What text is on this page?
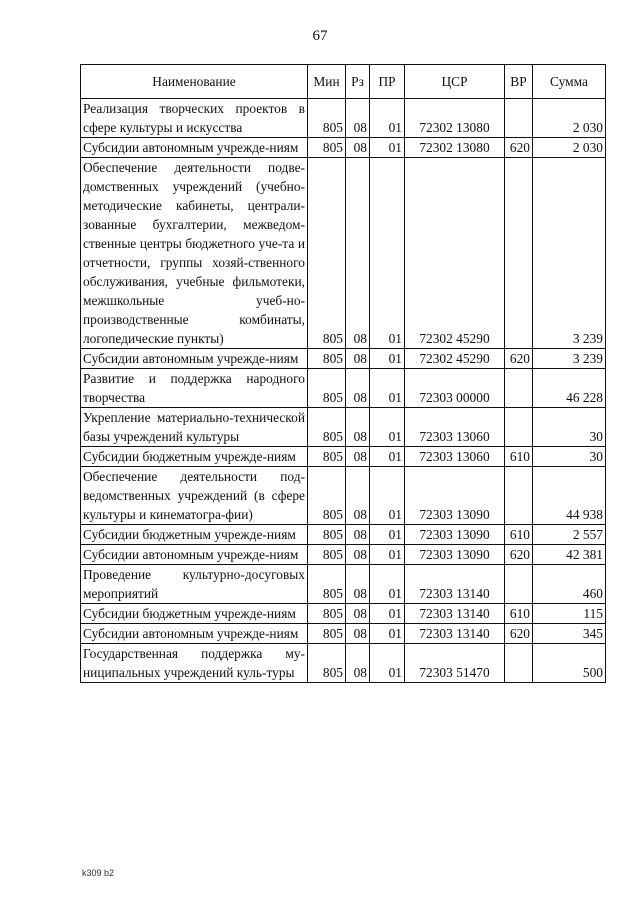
67
Наименование	Мин	Рз	ПР	ЦСР	ВР	Сумма
Реализация творческих проектов в сфере культуры и искусства	805	08	01	72302 13080		2 030
Субсидии автономным учрежде-ниям	805	08	01	72302 13080	620	2 030
Обеспечение деятельности подве-домственных учреждений (учебно-методические кабинеты, централи-зованные бухгалтерии, межведом-ственные центры бюджетного уче-та и отчетности, группы хозяй-ственного обслуживания, учебные фильмотеки, межшкольные учеб-но-производственные комбинаты, логопедические пункты)	805	08	01	72302 45290		3 239
Субсидии автономным учрежде-ниям	805	08	01	72302 45290	620	3 239
Развитие и поддержка народного творчества	805	08	01	72303 00000		46 228
Укрепление материально-технической базы учреждений культуры	805	08	01	72303 13060		30
Субсидии бюджетным учрежде-ниям	805	08	01	72303 13060	610	30
Обеспечение деятельности под-ведомственных учреждений (в сфере культуры и кинематогра-фии)	805	08	01	72303 13090		44 938
Субсидии бюджетным учрежде-ниям	805	08	01	72303 13090	610	2 557
Субсидии автономным учрежде-ниям	805	08	01	72303 13090	620	42 381
Проведение культурно-досуговых мероприятий	805	08	01	72303 13140		460
Субсидии бюджетным учрежде-ниям	805	08	01	72303 13140	610	115
Субсидии автономным учрежде-ниям	805	08	01	72303 13140	620	345
Государственная поддержка му-ниципальных учреждений куль-туры	805	08	01	72303 51470		500
k309 b2
